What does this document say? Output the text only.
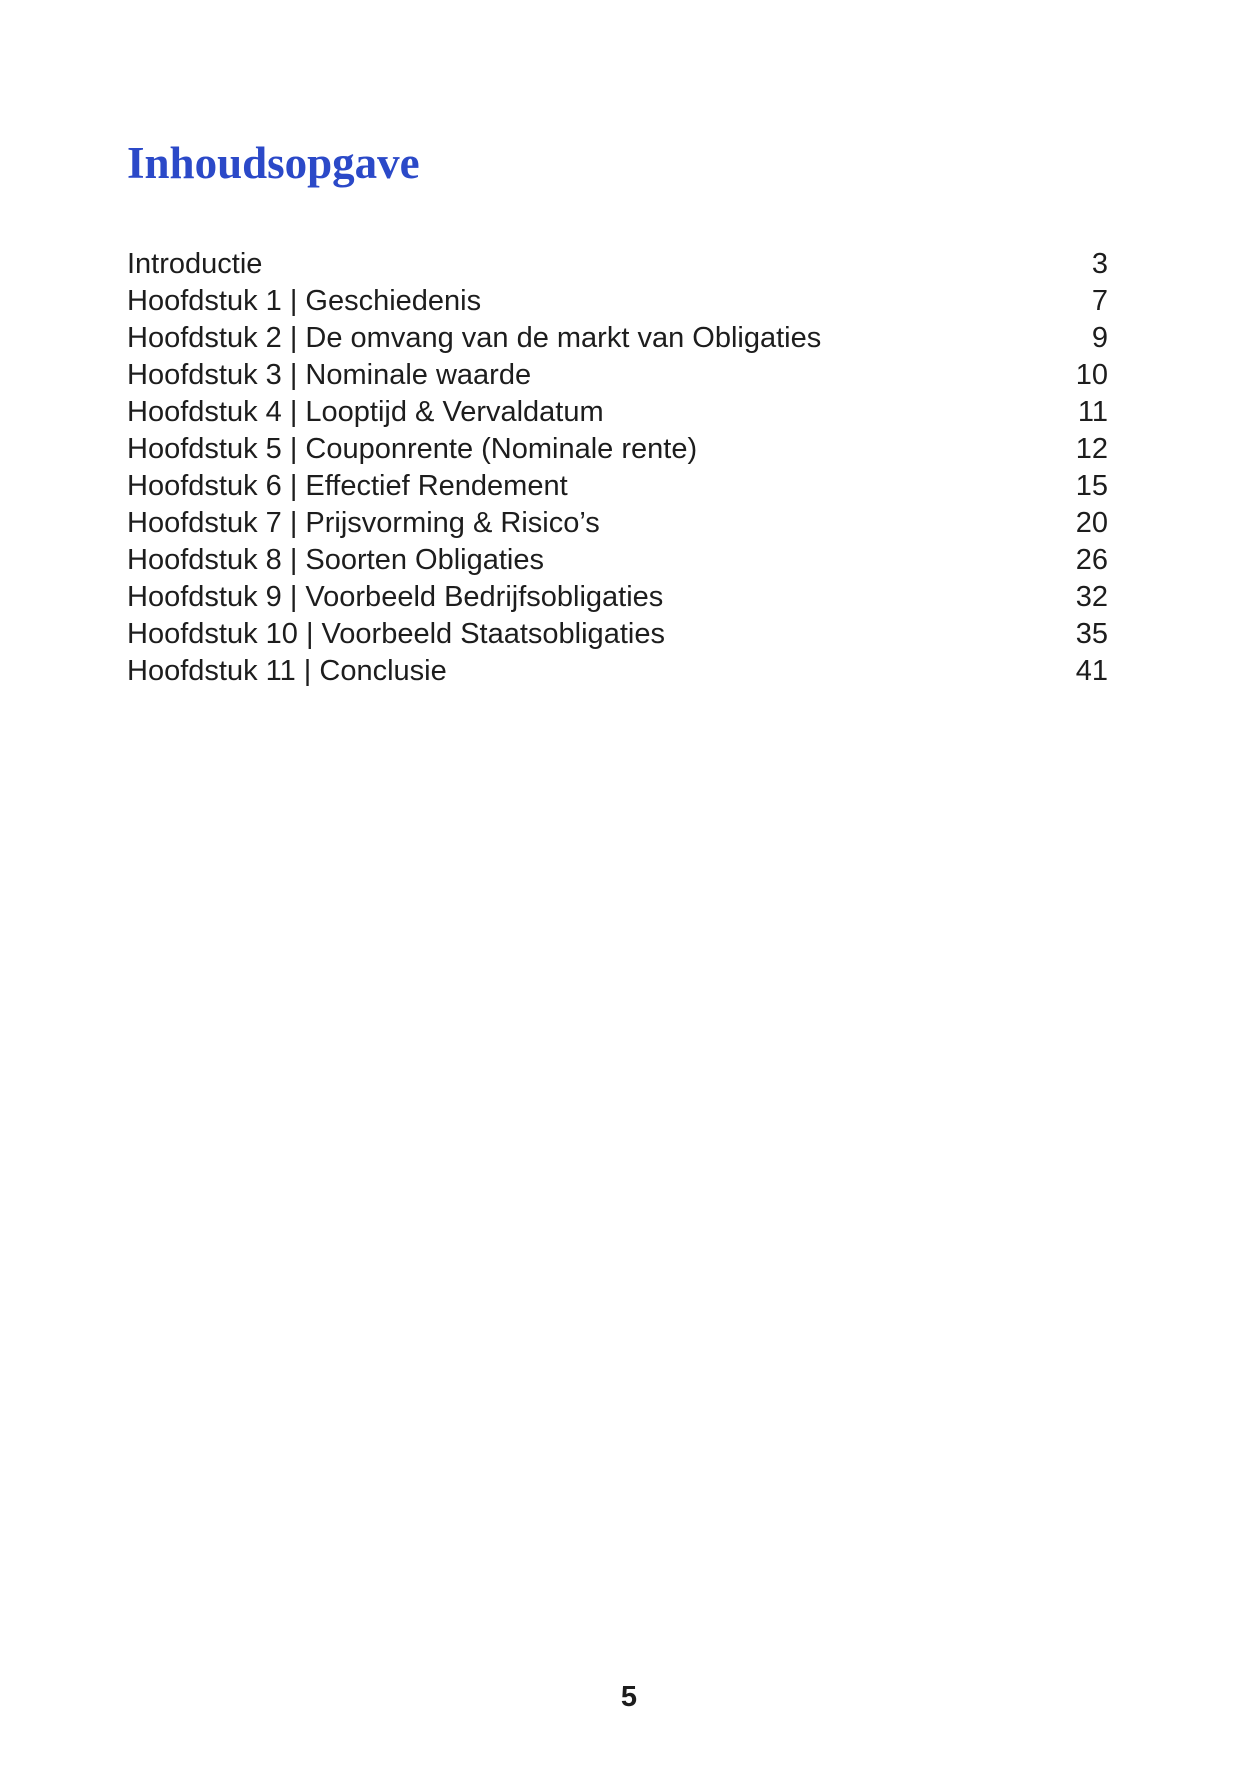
Inhoudsopgave
Introductie	3
Hoofdstuk 1 | Geschiedenis	7
Hoofdstuk 2 | De omvang van de markt van Obligaties	9
Hoofdstuk 3 | Nominale waarde	10
Hoofdstuk 4 | Looptijd & Vervaldatum	11
Hoofdstuk 5 | Couponrente (Nominale rente)	12
Hoofdstuk 6 | Effectief Rendement	15
Hoofdstuk 7 | Prijsvorming & Risico’s	20
Hoofdstuk 8 | Soorten Obligaties	26
Hoofdstuk 9 | Voorbeeld Bedrijfsobligaties	32
Hoofdstuk 10 | Voorbeeld Staatsobligaties	35
Hoofdstuk 11 | Conclusie	41
5
